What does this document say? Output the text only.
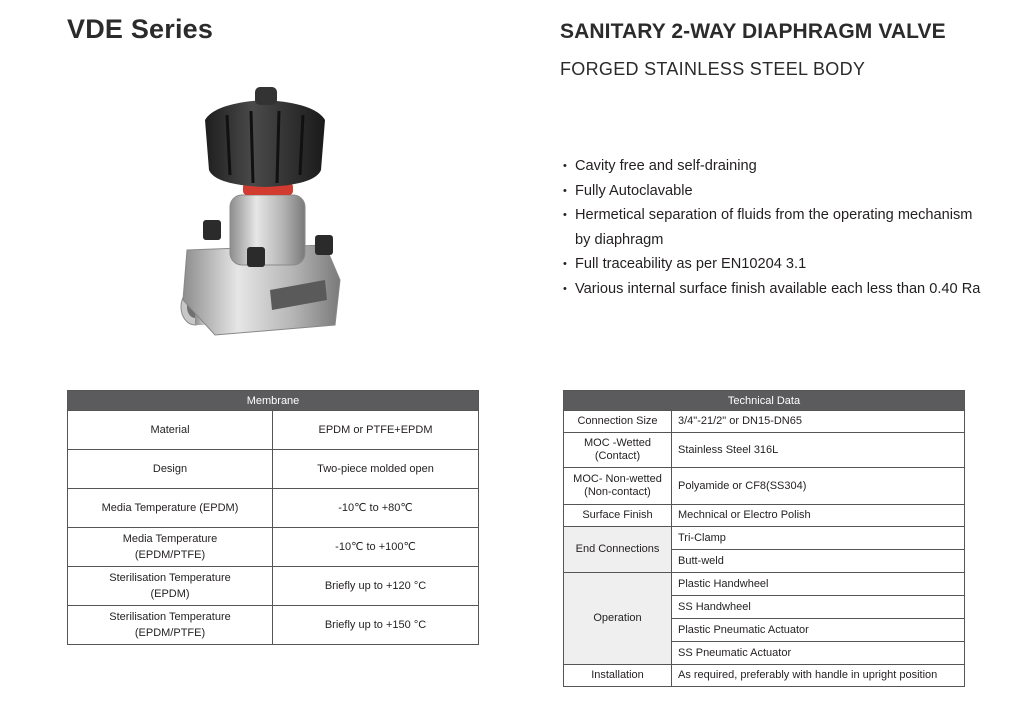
VDE Series	SANITARY 2-WAY DIAPHRAGM VALVE
FORGED STAINLESS STEEL BODY
• Cavity free and self-draining
• Fully Autoclavable
• Hermetical separation of fluids from the operating mechanism by diaphragm
• Full traceability as per EN10204 3.1
• Various internal surface finish available each less than 0.40 Ra
Membrane	
Material	EPDM or PTFE+EPDM
Design	Two-piece molded open
Media Temperature (EPDM)	-10℃ to +80℃
Media Temperature (EPDM/PTFE)	-10℃ to +100℃
Sterilisation Temperature (EPDM)	Briefly up to +120 °C
Sterilisation Temperature (EPDM/PTFE)	Briefly up to +150 °C
Technical Data	
Connection Size	3/4"-21/2" or DN15-DN65
MOC -Wetted (Contact)	Stainless Steel 316L
MOC- Non-wetted (Non-contact)	Polyamide or CF8(SS304)
Surface Finish	Mechnical or Electro Polish
End Connections	Tri-Clamp
	Butt-weld
Operation	Plastic Handwheel
	SS Handwheel
	Plastic Pneumatic Actuator
	SS Pneumatic Actuator
Installation	As required, preferably with handle in upright position
